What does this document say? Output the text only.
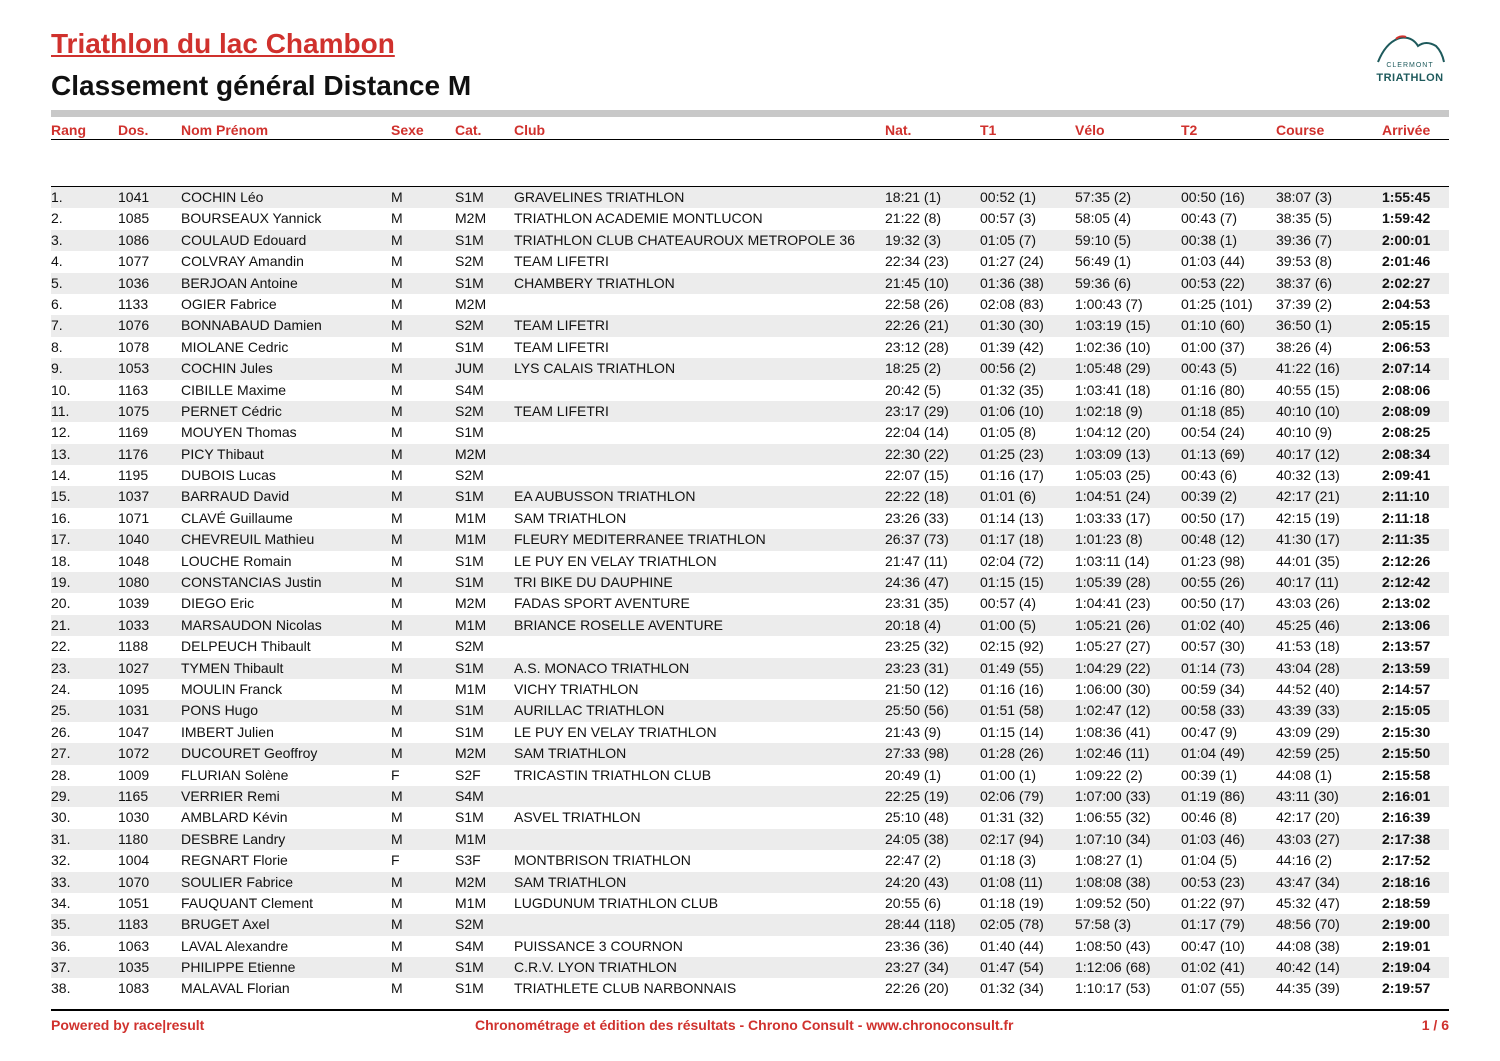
Triathlon du lac Chambon
Classement général Distance M
CLERMONT
TRIATHLON
Rang Dos. Nom Prénom	Sexe Cat. Club	Nat.	T1	Vélo	T2	Course	Arrivée
1.	1041 COCHIN Léo	M	S1M GRAVELINES TRIATHLON	18:21 (1)	00:52 (1)	57:35 (2)	00:50 (16) 38:07 (3)	1:55:45
2.	1085 BOURSEAUX Yannick	M	M2M TRIATHLON ACADEMIE MONTLUCON	21:22 (8)	00:57 (3)	58:05 (4)	00:43 (7)	38:35 (5)	1:59:42
3.	1086 COULAUD Edouard	M	S1M TRIATHLON CLUB CHATEAUROUX METROPOLE 36 19:32 (3)	01:05 (7)	59:10 (5)	00:38 (1)	39:36 (7)	2:00:01
4.	1077 COLVRAY Amandin	M	S2M TEAM LIFETRI	22:34 (23) 01:27 (24) 56:49 (1)	01:03 (44) 39:53 (8)	2:01:46
5.	1036 BERJOAN Antoine	M	S1M CHAMBERY TRIATHLON	21:45 (10) 01:36 (38) 59:36 (6)	00:53 (22) 38:37 (6)	2:02:27
6.	1133 OGIER Fabrice	M	M2M	22:58 (26) 02:08 (83) 1:00:43 (7)	01:25 (101) 37:39 (2)	2:04:53
7.	1076 BONNABAUD Damien	M	S2M TEAM LIFETRI	22:26 (21) 01:30 (30) 1:03:19 (15) 01:10 (60) 36:50 (1)	2:05:15
8.	1078 MIOLANE Cedric	M	S1M TEAM LIFETRI	23:12 (28) 01:39 (42) 1:02:36 (10) 01:00 (37) 38:26 (4)	2:06:53
9.	1053 COCHIN Jules	M	JUM LYS CALAIS TRIATHLON	18:25 (2)	00:56 (2)	1:05:48 (29) 00:43 (5)	41:22 (16)	2:07:14
10.	1163 CIBILLE Maxime	M	S4M	20:42 (5)	01:32 (35) 1:03:41 (18) 01:16 (80) 40:55 (15)	2:08:06
11.	1075 PERNET Cédric	M	S2M TEAM LIFETRI	23:17 (29) 01:06 (10) 1:02:18 (9)	01:18 (85) 40:10 (10)	2:08:09
12.	1169 MOUYEN Thomas	M	S1M	22:04 (14) 01:05 (8)	1:04:12 (20) 00:54 (24) 40:10 (9)	2:08:25
13.	1176 PICY Thibaut	M	M2M	22:30 (22) 01:25 (23) 1:03:09 (13) 01:13 (69) 40:17 (12)	2:08:34
14.	1195 DUBOIS Lucas	M	S2M	22:07 (15) 01:16 (17) 1:05:03 (25) 00:43 (6)	40:32 (13)	2:09:41
15.	1037 BARRAUD David	M	S1M EA AUBUSSON TRIATHLON	22:22 (18) 01:01 (6)	1:04:51 (24) 00:39 (2)	42:17 (21)	2:11:10
16.	1071 CLAVÉ Guillaume	M	M1M SAM TRIATHLON	23:26 (33) 01:14 (13) 1:03:33 (17) 00:50 (17) 42:15 (19)	2:11:18
17.	1040 CHEVREUIL Mathieu	M	M1M FLEURY MEDITERRANEE TRIATHLON	26:37 (73) 01:17 (18) 1:01:23 (8)	00:48 (12) 41:30 (17)	2:11:35
18.	1048 LOUCHE Romain	M	S1M LE PUY EN VELAY TRIATHLON	21:47 (11) 02:04 (72) 1:03:11 (14) 01:23 (98) 44:01 (35)	2:12:26
19.	1080 CONSTANCIAS Justin	M	S1M TRI BIKE DU DAUPHINE	24:36 (47) 01:15 (15) 1:05:39 (28) 00:55 (26) 40:17 (11)	2:12:42
20.	1039 DIEGO Eric	M	M2M FADAS SPORT AVENTURE	23:31 (35) 00:57 (4)	1:04:41 (23) 00:50 (17) 43:03 (26)	2:13:02
21.	1033 MARSAUDON Nicolas	M	M1M BRIANCE ROSELLE AVENTURE	20:18 (4)	01:00 (5)	1:05:21 (26) 01:02 (40) 45:25 (46)	2:13:06
22.	1188 DELPEUCH Thibault	M	S2M	23:25 (32) 02:15 (92) 1:05:27 (27) 00:57 (30) 41:53 (18)	2:13:57
23.	1027 TYMEN Thibault	M	S1M A.S. MONACO TRIATHLON	23:23 (31) 01:49 (55) 1:04:29 (22) 01:14 (73) 43:04 (28)	2:13:59
24.	1095 MOULIN Franck	M	M1M VICHY TRIATHLON	21:50 (12) 01:16 (16) 1:06:00 (30) 00:59 (34) 44:52 (40)	2:14:57
25.	1031 PONS Hugo	M	S1M AURILLAC TRIATHLON	25:50 (56) 01:51 (58) 1:02:47 (12) 00:58 (33) 43:39 (33)	2:15:05
26.	1047 IMBERT Julien	M	S1M LE PUY EN VELAY TRIATHLON	21:43 (9)	01:15 (14) 1:08:36 (41) 00:47 (9)	43:09 (29)	2:15:30
27.	1072 DUCOURET Geoffroy	M	M2M SAM TRIATHLON	27:33 (98) 01:28 (26) 1:02:46 (11) 01:04 (49) 42:59 (25)	2:15:50
28.	1009 FLURIAN Solène	F	S2F TRICASTIN TRIATHLON CLUB	20:49 (1)	01:00 (1)	1:09:22 (2)	00:39 (1)	44:08 (1)	2:15:58
29.	1165 VERRIER Remi	M	S4M	22:25 (19) 02:06 (79) 1:07:00 (33) 01:19 (86) 43:11 (30)	2:16:01
30.	1030 AMBLARD Kévin	M	S1M ASVEL TRIATHLON	25:10 (48) 01:31 (32) 1:06:55 (32) 00:46 (8)	42:17 (20)	2:16:39
31.	1180 DESBRE Landry	M	M1M	24:05 (38) 02:17 (94) 1:07:10 (34) 01:03 (46) 43:03 (27)	2:17:38
32.	1004 REGNART Florie	F	S3F MONTBRISON TRIATHLON	22:47 (2)	01:18 (3)	1:08:27 (1)	01:04 (5)	44:16 (2)	2:17:52
33.	1070 SOULIER Fabrice	M	M2M SAM TRIATHLON	24:20 (43) 01:08 (11) 1:08:08 (38) 00:53 (23) 43:47 (34)	2:18:16
34.	1051 FAUQUANT Clement	M	M1M LUGDUNUM TRIATHLON CLUB	20:55 (6)	01:18 (19) 1:09:52 (50) 01:22 (97) 45:32 (47)	2:18:59
35.	1183 BRUGET Axel	M	S2M	28:44 (118) 02:05 (78) 57:58 (3)	01:17 (79) 48:56 (70)	2:19:00
36.	1063 LAVAL Alexandre	M	S4M PUISSANCE 3 COURNON	23:36 (36) 01:40 (44) 1:08:50 (43) 00:47 (10) 44:08 (38)	2:19:01
37.	1035 PHILIPPE Etienne	M	S1M C.R.V. LYON TRIATHLON	23:27 (34) 01:47 (54) 1:12:06 (68) 01:02 (41) 40:42 (14)	2:19:04
38.	1083 MALAVAL Florian	M	S1M TRIATHLETE CLUB NARBONNAIS	22:26 (20) 01:32 (34) 1:10:17 (53) 01:07 (55) 44:35 (39)	2:19:57
Powered by race|result	Chronométrage et édition des résultats - Chrono Consult - www.chronoconsult.fr	1 / 6
